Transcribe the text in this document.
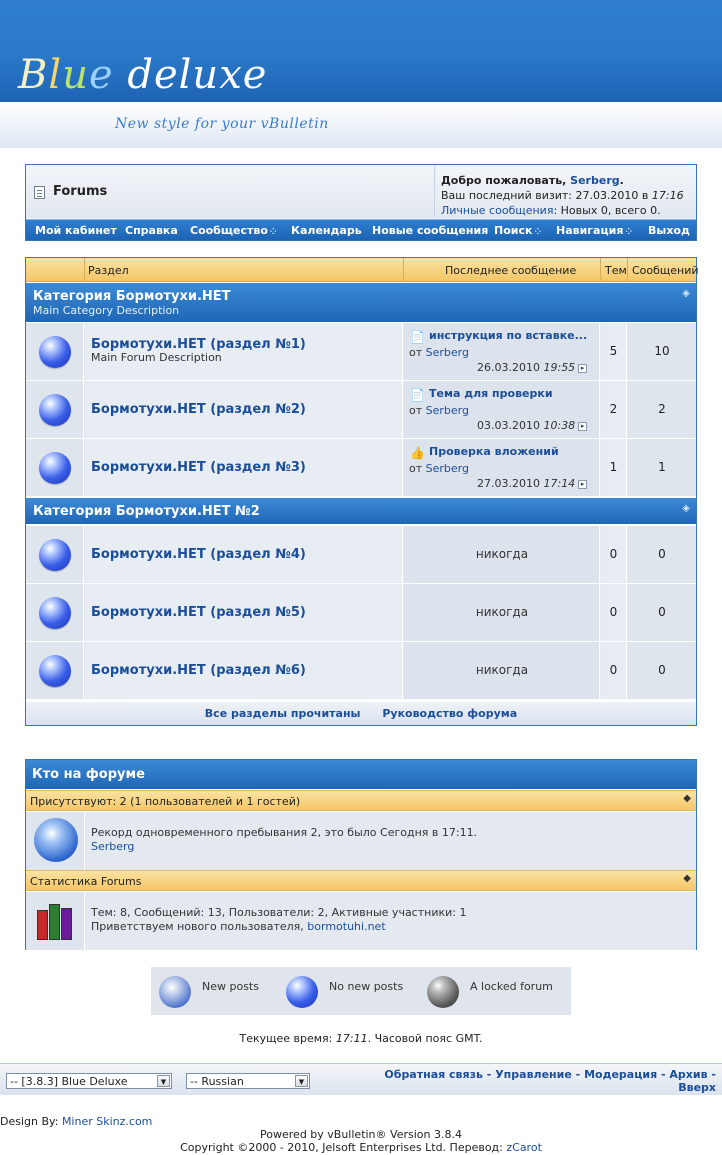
Blue deluxe
New style for your vBulletin
Forums
Добро пожаловать, Serberg.
Ваш последний визит: 27.03.2010 в 17:16
Личные сообщения: Новых 0, всего 0.
Мой кабинет Справка Сообщество ⁘ Календарь Новые сообщения Поиск ⁘ Навигация ⁘ Выход
Раздел	Последнее сообщение	Тем Сообщений
Категория Бормотухи.НЕТ
Main Category Description
◈
Бормотухи.НЕТ (раздел №1)
Main Forum Description
📄 инструкция по вставке...
от Serberg
26.03.2010 19:55 ▸
5	10
Бормотухи.НЕТ (раздел №2)
📄 Тема для проверки
от Serberg
03.03.2010 10:38 ▸
2	2
Бормотухи.НЕТ (раздел №3)
👍 Проверка вложений
от Serberg
27.03.2010 17:14 ▸
1	1
Категория Бормотухи.НЕТ №2	◈
Бормотухи.НЕТ (раздел №4)	никогда	0	0
Бормотухи.НЕТ (раздел №5)	никогда	0	0
Бормотухи.НЕТ (раздел №6)	никогда	0	0
Все разделы прочитаны Руководство форума
Кто на форуме
Присутствуют: 2 (1 пользователей и 1 гостей)	◆
Рекорд одновременного пребывания 2, это было Сегодня в 17:11.
Serberg
Статистика Forums	◆
Тем: 8, Сообщений: 13, Пользователи: 2, Активные участники: 1
Приветствуем нового пользователя, bormotuhi.net
New posts	No new posts	A locked forum
Текущее время: 17:11. Часовой пояс GMT.
-- [3.8.3] Blue Deluxe	▼	-- Russian	▼
Обратная связь - Управление - Модерация - Архив -
Вверх
Design By: Miner Skinz.com
Powered by vBulletin® Version 3.8.4
Copyright ©2000 - 2010, Jelsoft Enterprises Ltd. Перевод: zCarot
